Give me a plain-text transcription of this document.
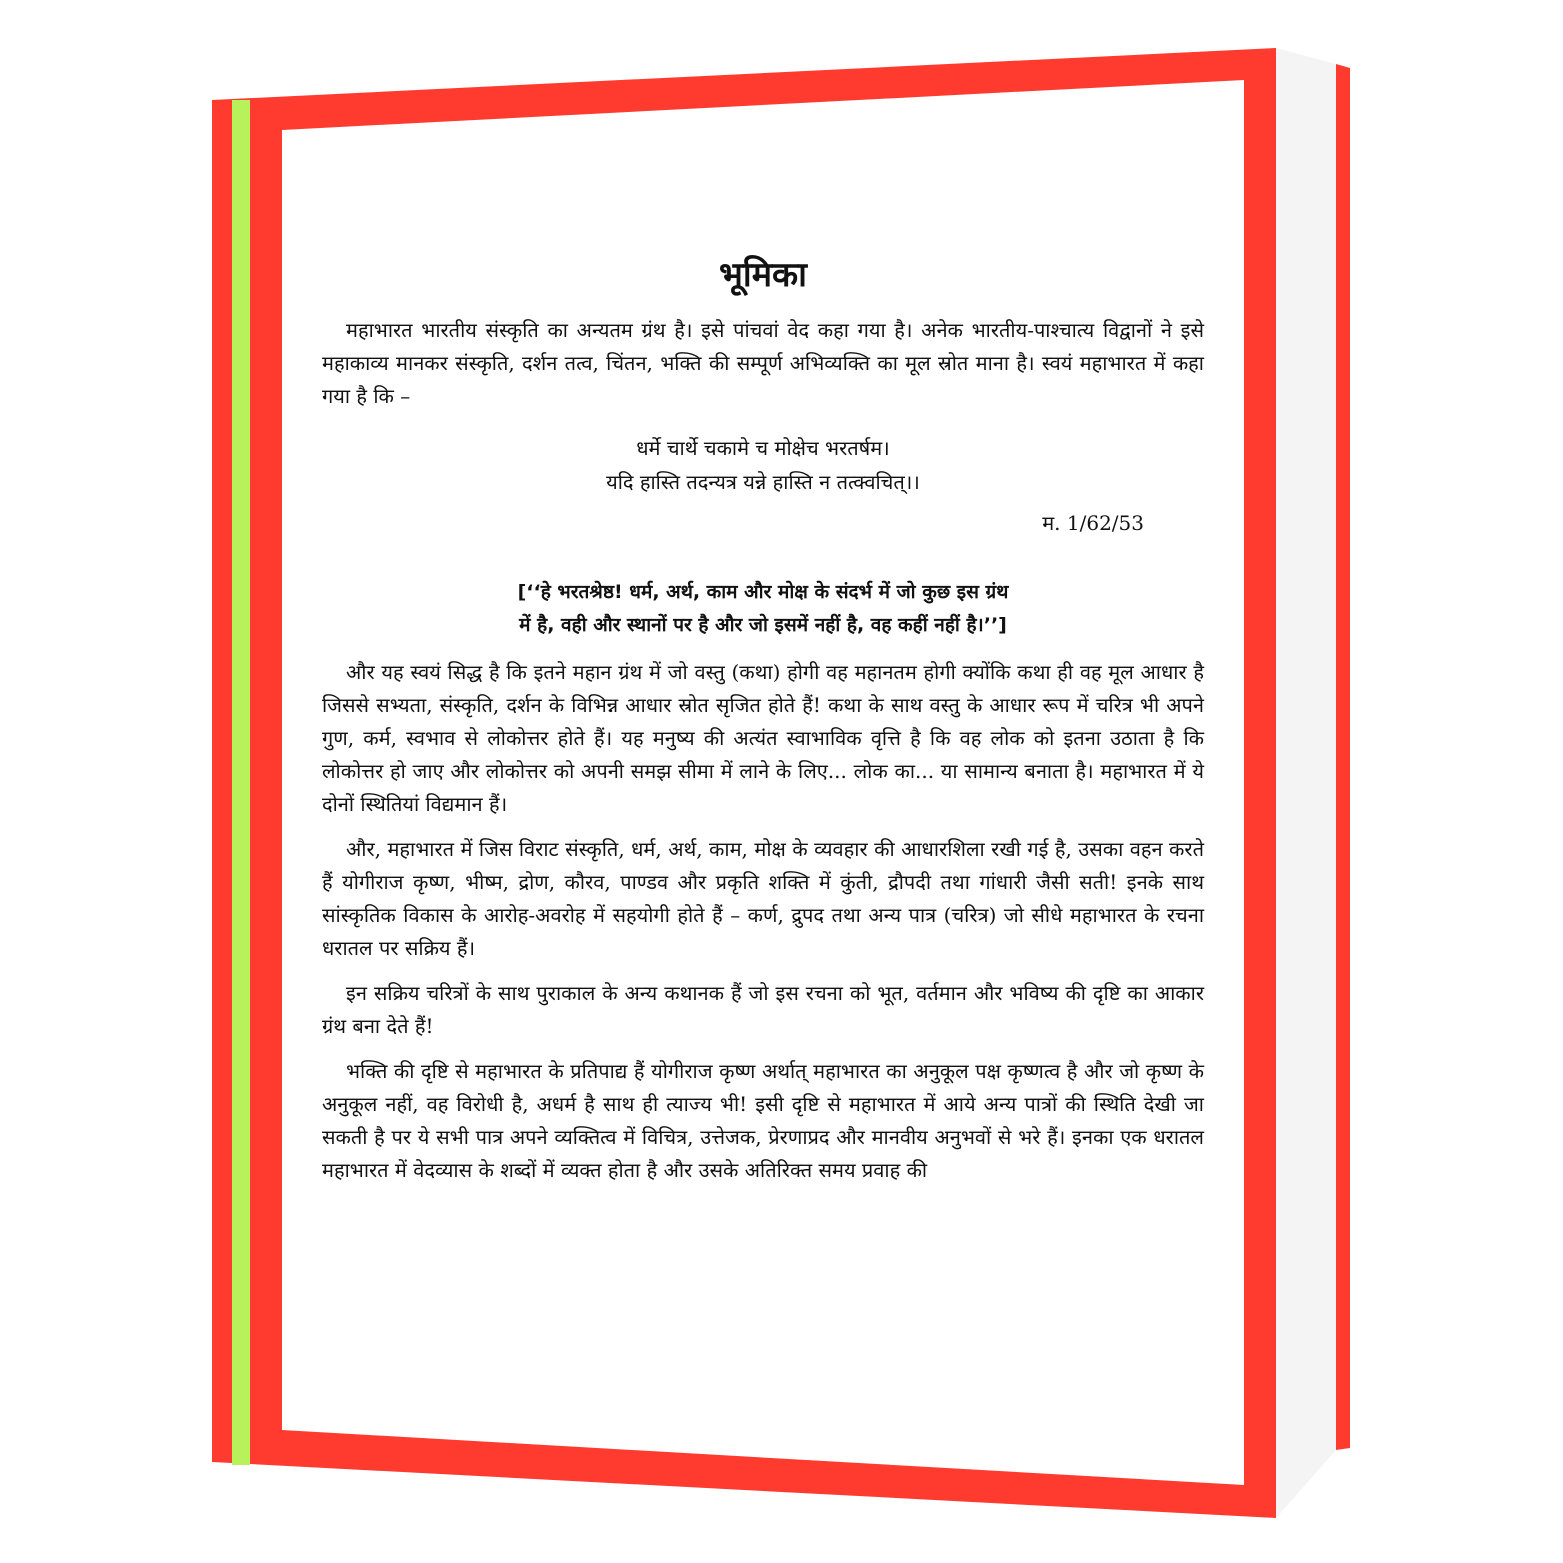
भूमिका

महाभारत भारतीय संस्कृति का अन्यतम ग्रंथ है। इसे पांचवां वेद कहा गया है। अनेक भारतीय-पाश्चात्य विद्वानों ने इसे महाकाव्य मानकर संस्कृति, दर्शन तत्व, चिंतन, भक्ति की सम्पूर्ण अभिव्यक्ति का मूल स्रोत माना है। स्वयं महाभारत में कहा गया है कि –

धर्मे चार्थे चकामे च मोक्षेच भरतर्षम।
यदि हास्ति तदन्यत्र यन्ने हास्ति न तत्क्वचित्।।
म. 1/62/53
[‘‘हे भरतश्रेष्ठ! धर्म, अर्थ, काम और मोक्ष के संदर्भ में जो कुछ इस ग्रंथ
में है, वही और स्थानों पर है और जो इसमें नहीं है, वह कहीं नहीं है।’’]

और यह स्वयं सिद्ध है कि इतने महान ग्रंथ में जो वस्तु (कथा) होगी वह महानतम होगी क्योंकि कथा ही वह मूल आधार है जिससे सभ्यता, संस्कृति, दर्शन के विभिन्न आधार स्रोत सृजित होते हैं! कथा के साथ वस्तु के आधार रूप में चरित्र भी अपने गुण, कर्म, स्वभाव से लोकोत्तर होते हैं। यह मनुष्य की अत्यंत स्वाभाविक वृत्ति है कि वह लोक को इतना उठाता है कि लोकोत्तर हो जाए और लोकोत्तर को अपनी समझ सीमा में लाने के लिए... लोक का... या सामान्य बनाता है। महाभारत में ये दोनों स्थितियां विद्यमान हैं।

और, महाभारत में जिस विराट संस्कृति, धर्म, अर्थ, काम, मोक्ष के व्यवहार की आधारशिला रखी गई है, उसका वहन करते हैं योगीराज कृष्ण, भीष्म, द्रोण, कौरव, पाण्डव और प्रकृति शक्ति में कुंती, द्रौपदी तथा गांधारी जैसी सती! इनके साथ सांस्कृतिक विकास के आरोह-अवरोह में सहयोगी होते हैं – कर्ण, द्रुपद तथा अन्य पात्र (चरित्र) जो सीधे महाभारत के रचना धरातल पर सक्रिय हैं।

इन सक्रिय चरित्रों के साथ पुराकाल के अन्य कथानक हैं जो इस रचना को भूत, वर्तमान और भविष्य की दृष्टि का आकार ग्रंथ बना देते हैं!

भक्ति की दृष्टि से महाभारत के प्रतिपाद्य हैं योगीराज कृष्ण अर्थात् महाभारत का अनुकूल पक्ष कृष्णत्व है और जो कृष्ण के अनुकूल नहीं, वह विरोधी है, अधर्म है साथ ही त्याज्य भी! इसी दृष्टि से महाभारत में आये अन्य पात्रों की स्थिति देखी जा सकती है पर ये सभी पात्र अपने व्यक्तित्व में विचित्र, उत्तेजक, प्रेरणाप्रद और मानवीय अनुभवों से भरे हैं। इनका एक धरातल महाभारत में वेदव्यास के शब्दों में व्यक्त होता है और उसके अतिरिक्त समय प्रवाह की
